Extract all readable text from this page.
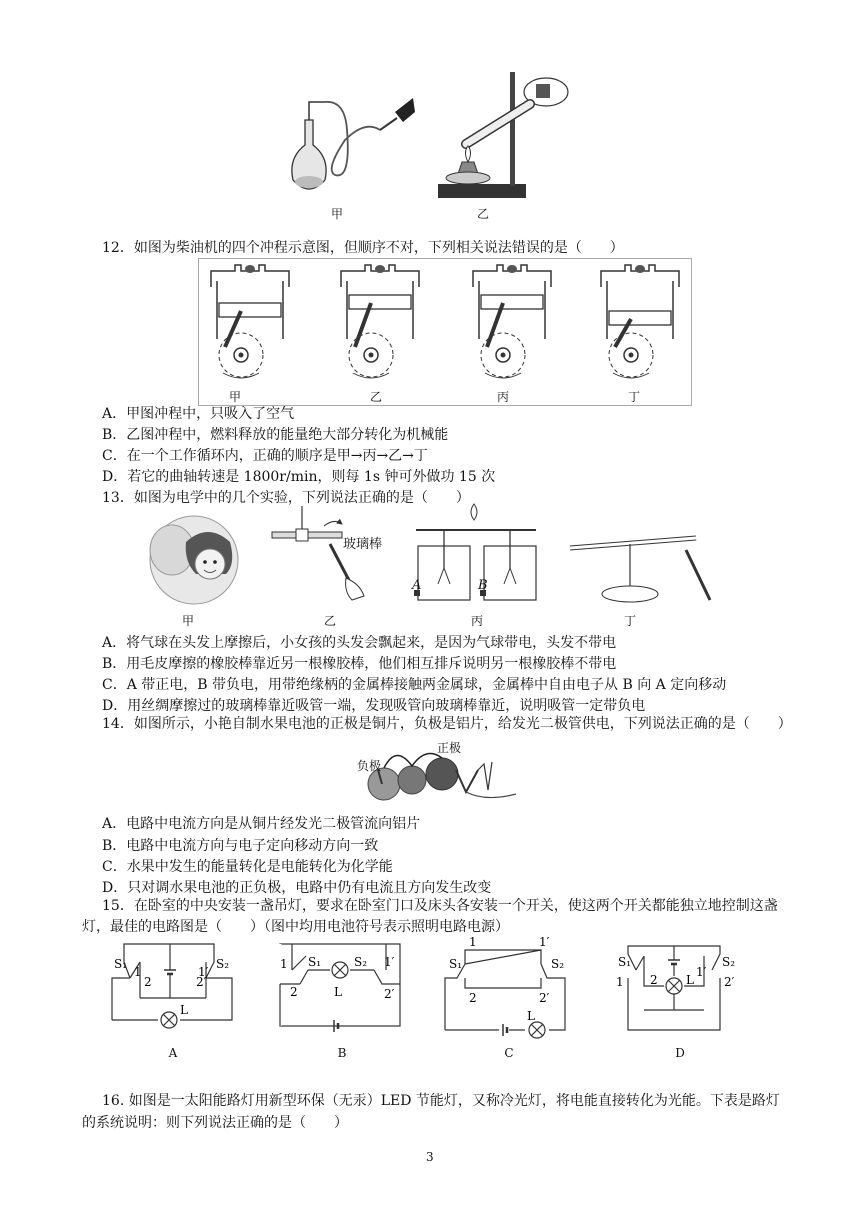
甲	乙
12．如图为柴油机的四个冲程示意图，但顺序不对，下列相关说法错误的是（　　）
甲	乙	丙	丁
A．甲图冲程中，只吸入了空气
B．乙图冲程中，燃料释放的能量绝大部分转化为机械能
C．在一个工作循环内，正确的顺序是甲→丙→乙→丁
D．若它的曲轴转速是 1800r/min，则每 1s 钟可外做功 15 次
13．如图为电学中的几个实验，下列说法正确的是（　　）
玻璃棒
A	B
甲	乙	丙	丁
A．将气球在头发上摩擦后，小女孩的头发会飘起来，是因为气球带电，头发不带电
B．用毛皮摩擦的橡胶棒靠近另一根橡胶棒，他们相互排斥说明另一根橡胶棒不带电
C．A 带正电，B 带负电，用带绝缘柄的金属棒接触两金属球，金属棒中自由电子从 B 向 A 定向移动
D．用丝绸摩擦过的玻璃棒靠近吸管一端，发现吸管向玻璃棒靠近，说明吸管一定带负电
14．如图所示，小艳自制水果电池的正极是铜片，负极是铝片，给发光二极管供电，下列说法正确的是（　　）
负极
正极
A．电路中电流方向是从铜片经发光二极管流向铝片
B．电路中电流方向与电子定向移动方向一致
C．水果中发生的能量转化是电能转化为化学能
D．只对调水果电池的正负极，电路中仍有电流且方向发生改变
15．在卧室的中央安装一盏吊灯，要求在卧室门口及床头各安装一个开关，使这两个开关都能独立地控制这盏
灯，最佳的电路图是（　　）（图中均用电池符号表示照明电路电源）
S₁
1
2
1′
2′
S₂
L
A
1 S₁	S₂ 1′
2	2′
L
B
1	1′
S₁	S₂
2	2′
L
C
S₁
1 2 L
1′
S₂
2′
D
16. 如图是一太阳能路灯用新型环保（无汞）LED 节能灯，又称冷光灯，将电能直接转化为光能。下表是路灯
的系统说明：则下列说法正确的是（　　）
3
